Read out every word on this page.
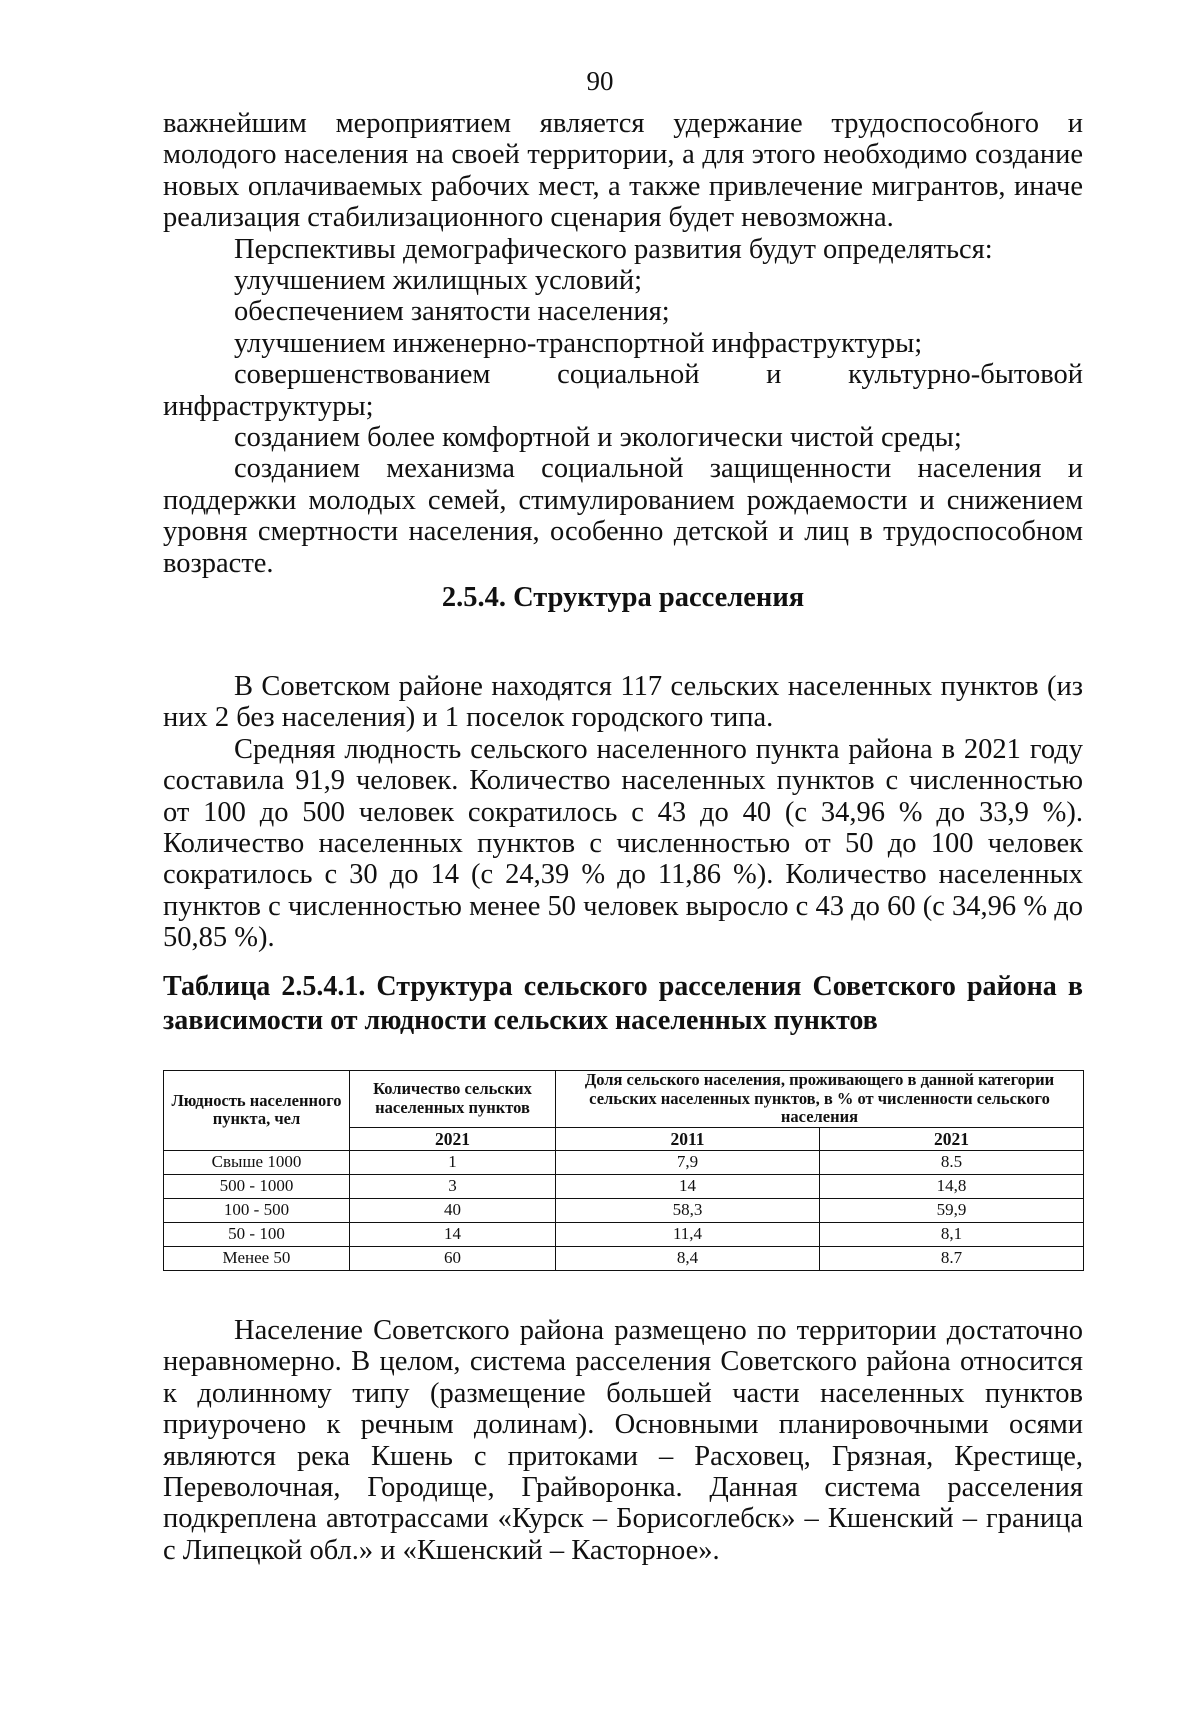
90

важнейшим мероприятием является удержание трудоспособного и

молодого населения на своей территории, а для этого необходимо создание новых оплачиваемых рабочих мест, а также привлечение мигрантов, иначе реализация стабилизационного сценария будет невозможна.

Перспективы демографического развития будут определяться:

улучшением жилищных условий;

обеспечением занятости населения;

улучшением инженерно-транспортной инфраструктуры;

совершенствованием социальной и культурно-бытовой инфраструктуры;

созданием более комфортной и экологически чистой среды;

созданием механизма социальной защищенности населения и поддержки молодых семей, стимулированием рождаемости и снижением уровня смертности населения, особенно детской и лиц в трудоспособном возрасте.

2.5.4. Структура расселения

В Советском районе находятся 117 сельских населенных пунктов (из них 2 без населения) и 1 поселок городского типа.

Средняя людность сельского населенного пункта района в 2021 году составила 91,9 человек. Количество населенных пунктов с численностью от 100 до 500 человек сократилось с 43 до 40 (с 34,96 % до 33,9 %). Количество населенных пунктов с численностью от 50 до 100 человек сократилось с 30 до 14 (с 24,39 % до 11,86 %). Количество населенных пунктов с численностью менее 50 человек выросло с 43 до 60 (с 34,96 % до 50,85 %).

Таблица 2.5.4.1. Структура сельского расселения Советского района в зависимости от людности сельских населенных пунктов

Людность населенного пункта, чел	Количество сельских населенных пунктов	Доля сельского населения, проживающего в данной категории сельских населенных пунктов, в % от численности сельского населения	
	2021	2011	2021
Свыше 1000	1	7,9	8.5
500 - 1000	3	14	14,8
100 - 500	40	58,3	59,9
50 - 100	14	11,4	8,1
Менее 50	60	8,4	8.7

Население Советского района размещено по территории достаточно неравномерно. В целом, система расселения Советского района относится к долинному типу (размещение большей части населенных пунктов приурочено к речным долинам). Основными планировочными осями являются река Кшень с притоками – Расховец, Грязная, Крестище, Переволочная, Городище, Грайворонка. Данная система расселения подкреплена автотрассами «Курск – Борисоглебск» – Кшенский – граница с Липецкой обл.» и «Кшенский – Касторное».
